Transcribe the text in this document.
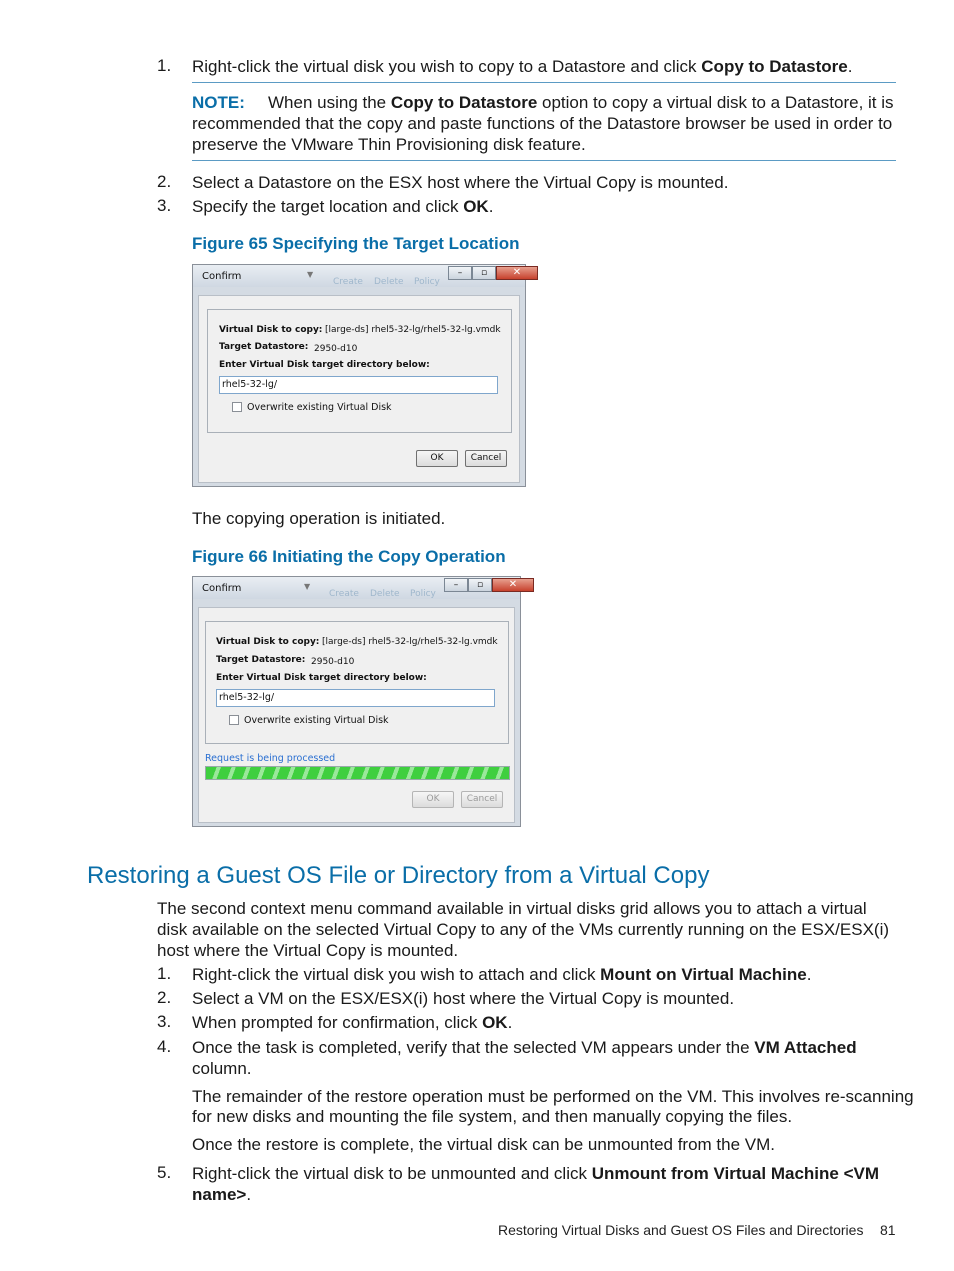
1.	Right-click the virtual disk you wish to copy to a Datastore and click Copy to Datastore.
NOTE: When using the Copy to Datastore option to copy a virtual disk to a Datastore, it is
recommended that the copy and paste functions of the Datastore browser be used in order to
preserve the VMware Thin Provisioning disk feature.
2.	Select a Datastore on the ESX host where the Virtual Copy is mounted.
3.	Specify the target location and click OK.
Figure 65 Specifying the Target Location
Confirm	▼
Create Delete Policy
–	▫	✕
Virtual Disk to copy: [large-ds] rhel5-32-lg/rhel5-32-lg.vmdk
Target Datastore: 2950-d10
Enter Virtual Disk target directory below:
rhel5-32-lg/
Overwrite existing Virtual Disk
OK	Cancel
The copying operation is initiated.
Figure 66 Initiating the Copy Operation
Confirm	▼
Create Delete Policy
–	▫	✕
Virtual Disk to copy: [large-ds] rhel5-32-lg/rhel5-32-lg.vmdk
Target Datastore: 2950-d10
Enter Virtual Disk target directory below:
rhel5-32-lg/
Overwrite existing Virtual Disk
Request is being processed
OK	Cancel
Restoring a Guest OS File or Directory from a Virtual Copy
The second context menu command available in virtual disks grid allows you to attach a virtual
disk available on the selected Virtual Copy to any of the VMs currently running on the ESX/ESX(i)
host where the Virtual Copy is mounted.
1.	Right-click the virtual disk you wish to attach and click Mount on Virtual Machine.
2.	Select a VM on the ESX/ESX(i) host where the Virtual Copy is mounted.
3.	When prompted for confirmation, click OK.
4.	Once the task is completed, verify that the selected VM appears under the VM Attached
column.
The remainder of the restore operation must be performed on the VM. This involves re-scanning
for new disks and mounting the file system, and then manually copying the files.
Once the restore is complete, the virtual disk can be unmounted from the VM.
5.	Right-click the virtual disk to be unmounted and click Unmount from Virtual Machine <VM
name>.
Restoring Virtual Disks and Guest OS Files and Directories 81
